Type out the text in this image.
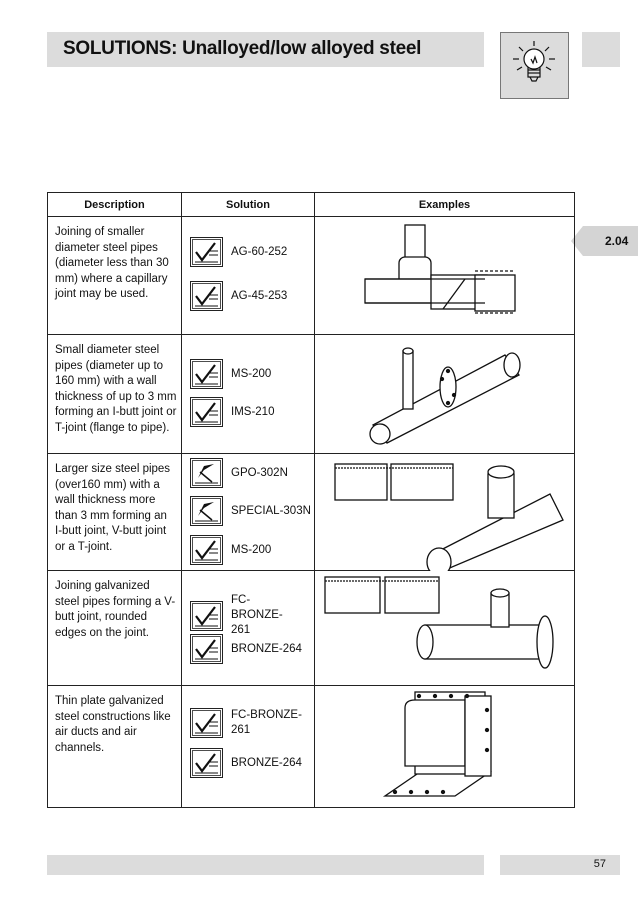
SOLUTIONS: Unalloyed/low alloyed steel
2.04
Description	Solution	Examples
Joining of smaller diameter steel pipes (diameter less than 30 mm) where a capillary joint may be used.	AG-60-252
AG-45-253

Small diameter steel pipes (diameter up to 160 mm) with a wall thickness of up to 3 mm forming an I-butt joint or T-joint (flange to pipe).	MS-200
IMS-210

Larger size steel pipes (over160 mm) with a wall thickness more than 3 mm forming an I-butt joint, V-butt joint or a T-joint.	GPO-302N
SPECIAL-303N
MS-200

Joining galvanized steel pipes forming a V-butt joint, rounded edges on the joint.	FC-BRONZE-261
BRONZE-264

Thin plate galvanized steel constructions like air ducts and air channels.	FC-BRONZE-261
BRONZE-264

57
